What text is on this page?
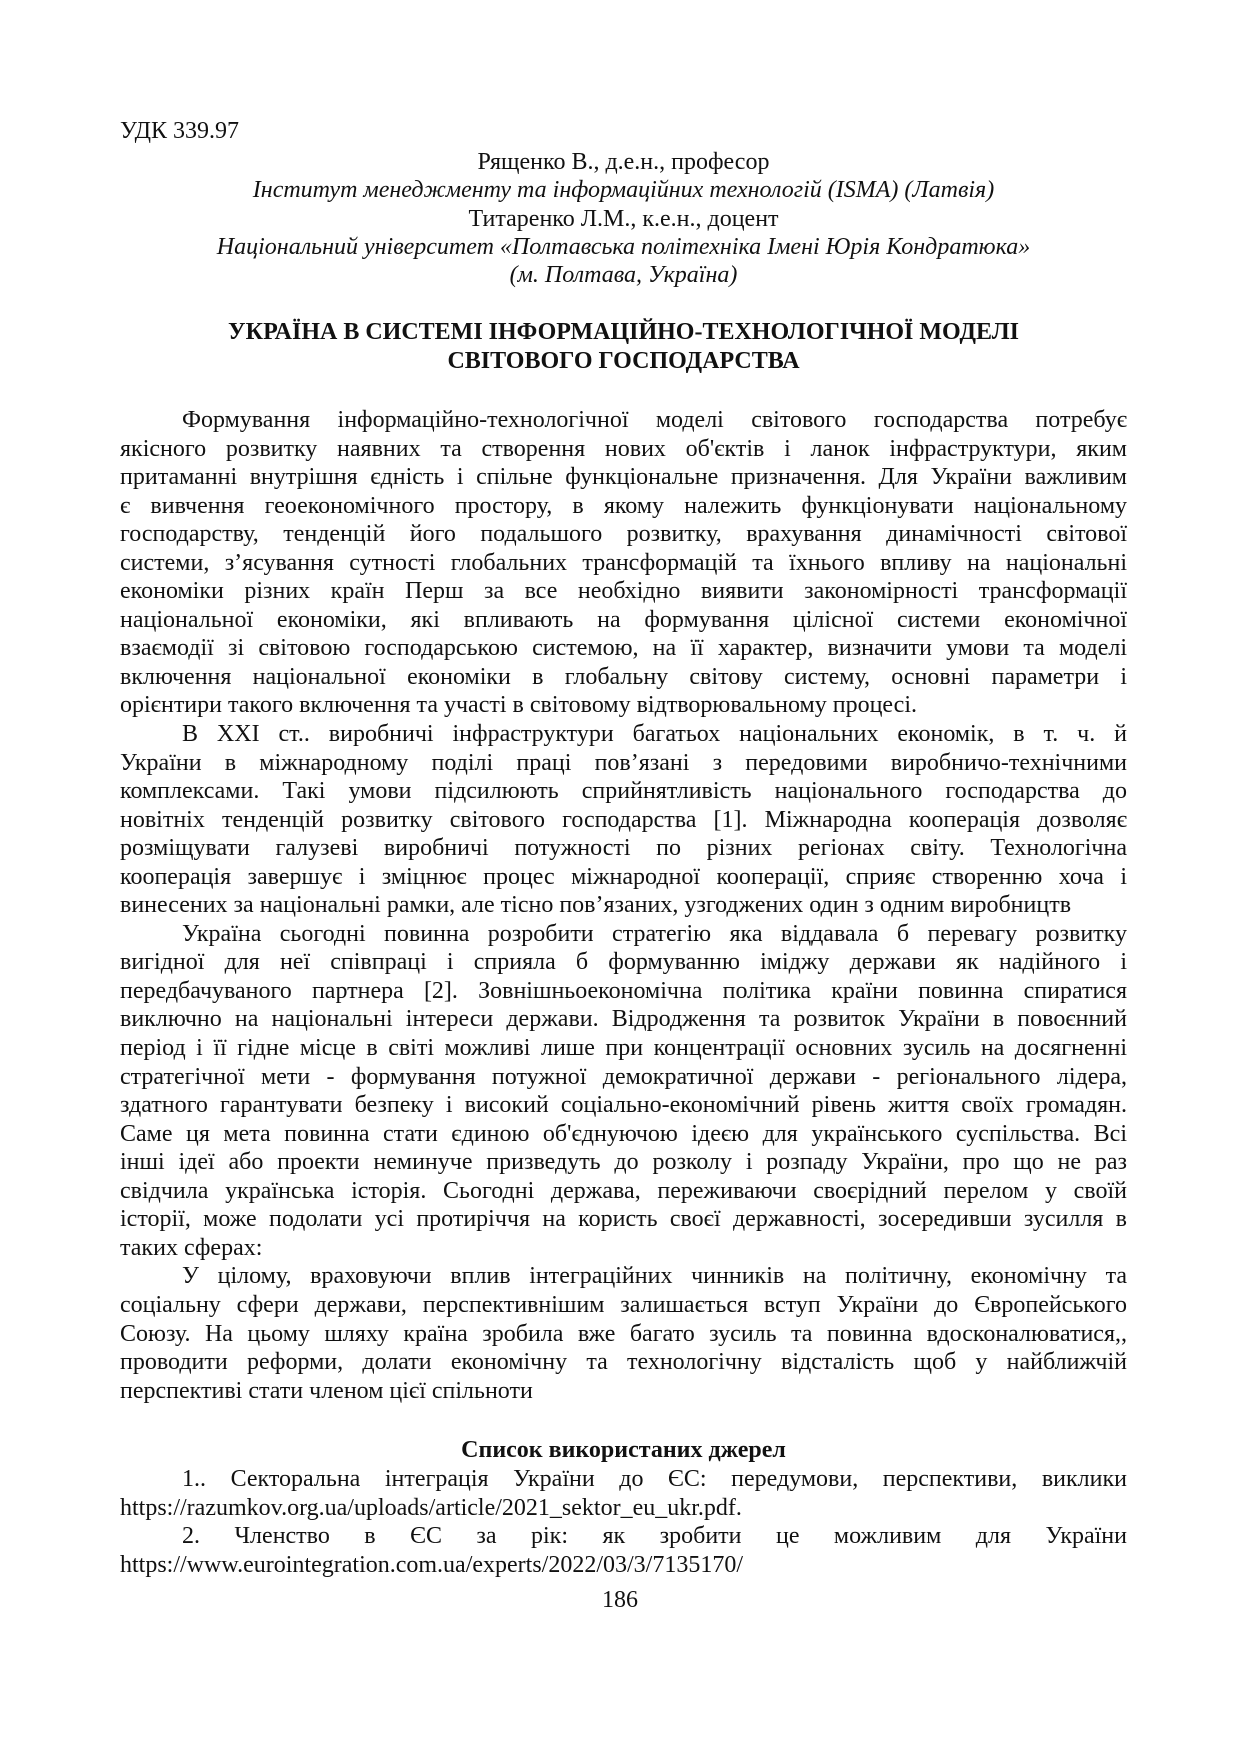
УДК 339.97
Рященко В., д.е.н., професор
Інститут менеджменту та інформаційних технологій (ISMA) (Латвія)
Титаренко Л.М., к.е.н., доцент
Національний університет «Полтавська політехніка Імені Юрія Кондратюка»
(м. Полтава, Україна)
УКРАЇНА В СИСТЕМІ ІНФОРМАЦІЙНО-ТЕХНОЛОГІЧНОЇ МОДЕЛІ
СВІТОВОГО ГОСПОДАРСТВА
Формування інформаційно-технологічної моделі світового господарства потребує
якісного розвитку наявних та створення нових об'єктів і ланок інфраструктури, яким
притаманні внутрішня єдність і спільне функціональне призначення. Для України важливим
є вивчення геоекономічного простору, в якому належить функціонувати національному
господарству, тенденцій його подальшого розвитку, врахування динамічності світової
системи, з’ясування сутності глобальних трансформацій та їхнього впливу на національні
економіки різних країн Перш за все необхідно виявити закономірності трансформації
національної економіки, які впливають на формування цілісної системи економічної
взаємодії зі світовою господарською системою, на її характер, визначити умови та моделі
включення національної економіки в глобальну світову систему, основні параметри і
орієнтири такого включення та участі в світовому відтворювальному процесі.
В XXI ст.. виробничі інфраструктури багатьох національних економік, в т. ч. й
України в міжнародному поділі праці пов’язані з передовими виробничо-технічними
комплексами. Такі умови підсилюють сприйнятливість національного господарства до
новітніх тенденцій розвитку світового господарства [1]. Міжнародна кооперація дозволяє
розміщувати галузеві виробничі потужності по різних регіонах світу. Технологічна
кооперація завершує і зміцнює процес міжнародної кооперації, сприяє створенню хоча і
винесених за національні рамки, але тісно пов’язаних, узгоджених один з одним виробництв
Україна сьогодні повинна розробити стратегію яка віддавала б перевагу розвитку
вигідної для неї співпраці і сприяла б формуванню іміджу держави як надійного і
передбачуваного партнера [2]. Зовнішньоекономічна політика країни повинна спиратися
виключно на національні інтереси держави. Відродження та розвиток України в повоєнний
період і її гідне місце в світі можливі лише при концентрації основних зусиль на досягненні
стратегічної мети - формування потужної демократичної держави - регіонального лідера,
здатного гарантувати безпеку і високий соціально-економічний рівень життя своїх громадян.
Саме ця мета повинна стати єдиною об'єднуючою ідеєю для українського суспільства. Всі
інші ідеї або проекти неминуче призведуть до розколу і розпаду України, про що не раз
свідчила українська історія. Сьогодні держава, переживаючи своєрідний перелом у своїй
історії, може подолати усі протиріччя на користь своєї державності, зосередивши зусилля в
таких сферах:
У цілому, враховуючи вплив інтеграційних чинників на політичну, економічну та
соціальну сфери держави, перспективнішим залишається вступ України до Європейського
Союзу. На цьому шляху країна зробила вже багато зусиль та повинна вдосконалюватися,,
проводити реформи, долати економічну та технологічну відсталість щоб у найближчій
перспективі стати членом цієї спільноти
Список використаних джерел
1.. Секторальна інтеграція України до ЄС: передумови, перспективи, виклики
https://razumkov.org.ua/uploads/article/2021_sektor_eu_ukr.pdf.
2. Членство в ЄС за рік: як зробити це можливим для України
https://www.eurointegration.com.ua/experts/2022/03/3/7135170/
186
